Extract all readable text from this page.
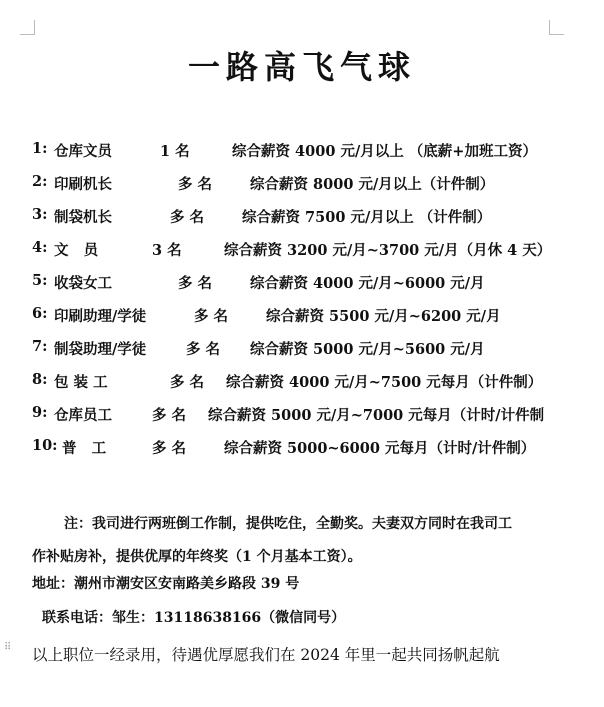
⠿
一路高飞气球
1: 仓库文员	1 名	综合薪资 4000 元/月以上 （底薪+加班工资）
2: 印刷机长	多 名	综合薪资 8000 元/月以上（计件制）
3: 制袋机长	多 名	综合薪资 7500 元/月以上 （计件制）
4: 文   员	3 名	综合薪资 3200 元/月~3700 元/月（月休 4 天）
5: 收袋女工	多 名	综合薪资 4000 元/月~6000 元/月
6: 印刷助理/学徒	多 名	综合薪资 5500 元/月~6200 元/月
7: 制袋助理/学徒	多 名	综合薪资 5000 元/月~5600 元/月
8: 包 装 工	多 名	综合薪资 4000 元/月~7500 元每月（计件制）
9: 仓库员工	多 名	综合薪资 5000 元/月~7000 元每月（计时/计件制
10: 普   工	多 名	综合薪资 5000~6000 元每月（计时/计件制）
注：我司进行两班倒工作制，提供吃住，全勤奖。夫妻双方同时在我司工
作补贴房补，提供优厚的年终奖（1 个月基本工资）。
地址：潮州市潮安区安南路美乡路段 39 号
联系电话：邹生：13118638166（微信同号）
以上职位一经录用，待遇优厚愿我们在 2024 年里一起共同扬帆起航
